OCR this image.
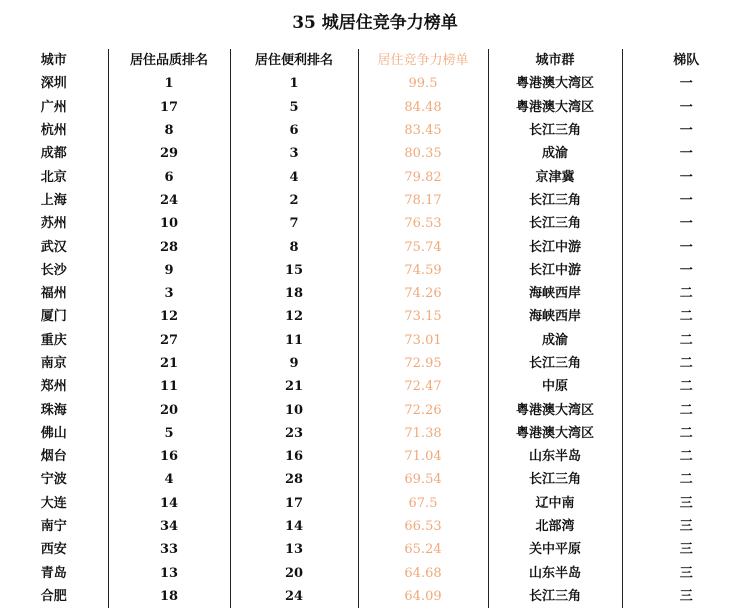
35 城居住竞争力榜单
城市	居住品质排名	居住便利排名	居住竞争力榜单	城市群	梯队
深圳	1	1	99.5	粤港澳大湾区	一
广州	17	5	84.48	粤港澳大湾区	一
杭州	8	6	83.45	长江三角	一
成都	29	3	80.35	成渝	一
北京	6	4	79.82	京津冀	一
上海	24	2	78.17	长江三角	一
苏州	10	7	76.53	长江三角	一
武汉	28	8	75.74	长江中游	一
长沙	9	15	74.59	长江中游	一
福州	3	18	74.26	海峡西岸	二
厦门	12	12	73.15	海峡西岸	二
重庆	27	11	73.01	成渝	二
南京	21	9	72.95	长江三角	二
郑州	11	21	72.47	中原	二
珠海	20	10	72.26	粤港澳大湾区	二
佛山	5	23	71.38	粤港澳大湾区	二
烟台	16	16	71.04	山东半岛	二
宁波	4	28	69.54	长江三角	二
大连	14	17	67.5	辽中南	三
南宁	34	14	66.53	北部湾	三
西安	33	13	65.24	关中平原	三
青岛	13	20	64.68	山东半岛	三
合肥	18	24	64.09	长江三角	三
